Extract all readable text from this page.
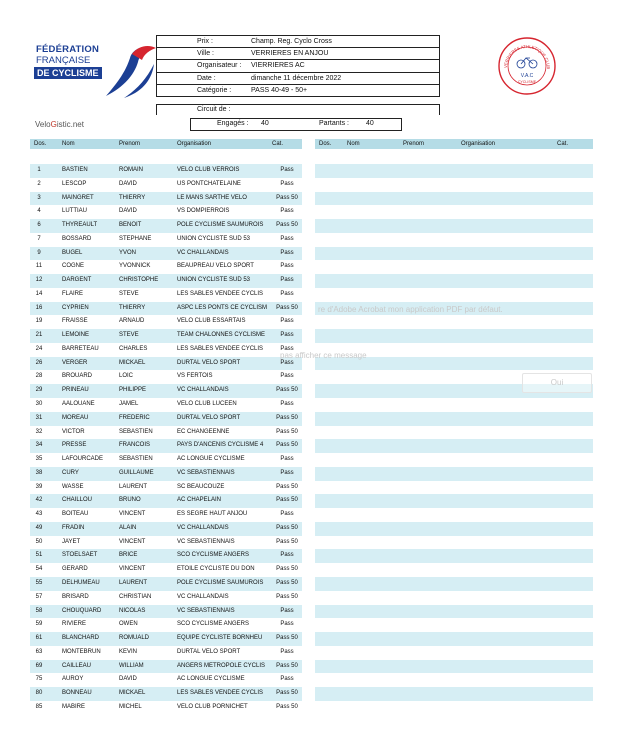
FÉDÉRATION
FRANÇAISE
DE CYCLISME
VERRIERES ATHLETIQUE CLUB
V.A.C
CYCLISME
Prix :	Champ. Reg. Cyclo Cross
Ville :	VERRIERES EN ANJOU
Organisateur :	VIERRIERES AC
Date :	dimanche 11 décembre 2022
Catégorie :	PASS 40-49 - 50+
Circuit de :
Engagés : 40	Partants : 40
VeloGistic.net
Dos.	Nom	Prenom	Organisation	Cat.	Dos.	Nom	Prenom	Organisation	Cat.
1	BASTIEN	ROMAIN	VELO CLUB VERROIS	Pass
2	LESCOP	DAVID	US PONTCHATELAINE	Pass
3	MAINGRET	THIERRY	LE MANS SARTHE VELO	Pass 50
4	LUTTIAU	DAVID	VS DOMPIERROIS	Pass
6	THYREAULT	BENOIT	POLE CYCLISME SAUMUROIS	Pass 50
7	BOSSARD	STEPHANE	UNION CYCLISTE SUD 53	Pass
9	BUGEL	YVON	VC CHALLANDAIS	Pass
11	COGNE	YVONNICK	BEAUPREAU VELO SPORT	Pass
12	DARGENT	CHRISTOPHE	UNION CYCLISTE SUD 53	Pass
14	FLAIRE	STEVE	LES SABLES VENDEE CYCLIS	Pass
16	CYPRIEN	THIERRY	ASPC LES PONTS CE CYCLISM	Pass 50
19	FRAISSE	ARNAUD	VELO CLUB ESSARTAIS	Pass
21	LEMOINE	STEVE	TEAM CHALONNES CYCLISME	Pass
24	BARRETEAU	CHARLES	LES SABLES VENDEE CYCLIS	Pass
26	VERGER	MICKAEL	DURTAL VELO SPORT	Pass
28	BROUARD	LOIC	VS FERTOIS	Pass
29	PRINEAU	PHILIPPE	VC CHALLANDAIS	Pass 50
30	AALOUANE	JAMEL	VELO CLUB LUCEEN	Pass
31	MOREAU	FREDERIC	DURTAL VELO SPORT	Pass 50
32	VICTOR	SEBASTIEN	EC CHANGEENNE	Pass 50
34	PRESSE	FRANCOIS	PAYS D'ANCENIS CYCLISME 4	Pass 50
35	LAFOURCADE	SEBASTIEN	AC LONGUE CYCLISME	Pass
38	CURY	GUILLAUME	VC SEBASTIENNAIS	Pass
39	WASSE	LAURENT	SC BEAUCOUZE	Pass 50
42	CHAILLOU	BRUNO	AC CHAPELAIN	Pass 50
43	BOITEAU	VINCENT	ES SEGRE HAUT ANJOU	Pass
49	FRADIN	ALAIN	VC CHALLANDAIS	Pass 50
50	JAYET	VINCENT	VC SEBASTIENNAIS	Pass 50
51	STOELSAET	BRICE	SCO CYCLISME ANGERS	Pass
54	GERARD	VINCENT	ETOILE CYCLISTE DU DON	Pass 50
55	DELHUMEAU	LAURENT	POLE CYCLISME SAUMUROIS	Pass 50
57	BRISARD	CHRISTIAN	VC CHALLANDAIS	Pass 50
58	CHOUQUARD	NICOLAS	VC SEBASTIENNAIS	Pass
59	RIVIERE	OWEN	SCO CYCLISME ANGERS	Pass
61	BLANCHARD	ROMUALD	EQUIPE CYCLISTE BORNHEU	Pass 50
63	MONTEBRUN	KEVIN	DURTAL VELO SPORT	Pass
69	CAILLEAU	WILLIAM	ANGERS METROPOLE CYCLIS	Pass 50
75	AUROY	DAVID	AC LONGUE CYCLISME	Pass
80	BONNEAU	MICKAEL	LES SABLES VENDEE CYCLIS	Pass 50
85	MABIRE	MICHEL	VELO CLUB PORNICHET	Pass 50
re d'Adobe Acrobat mon application PDF par défaut.
pas afficher ce message
Oui
